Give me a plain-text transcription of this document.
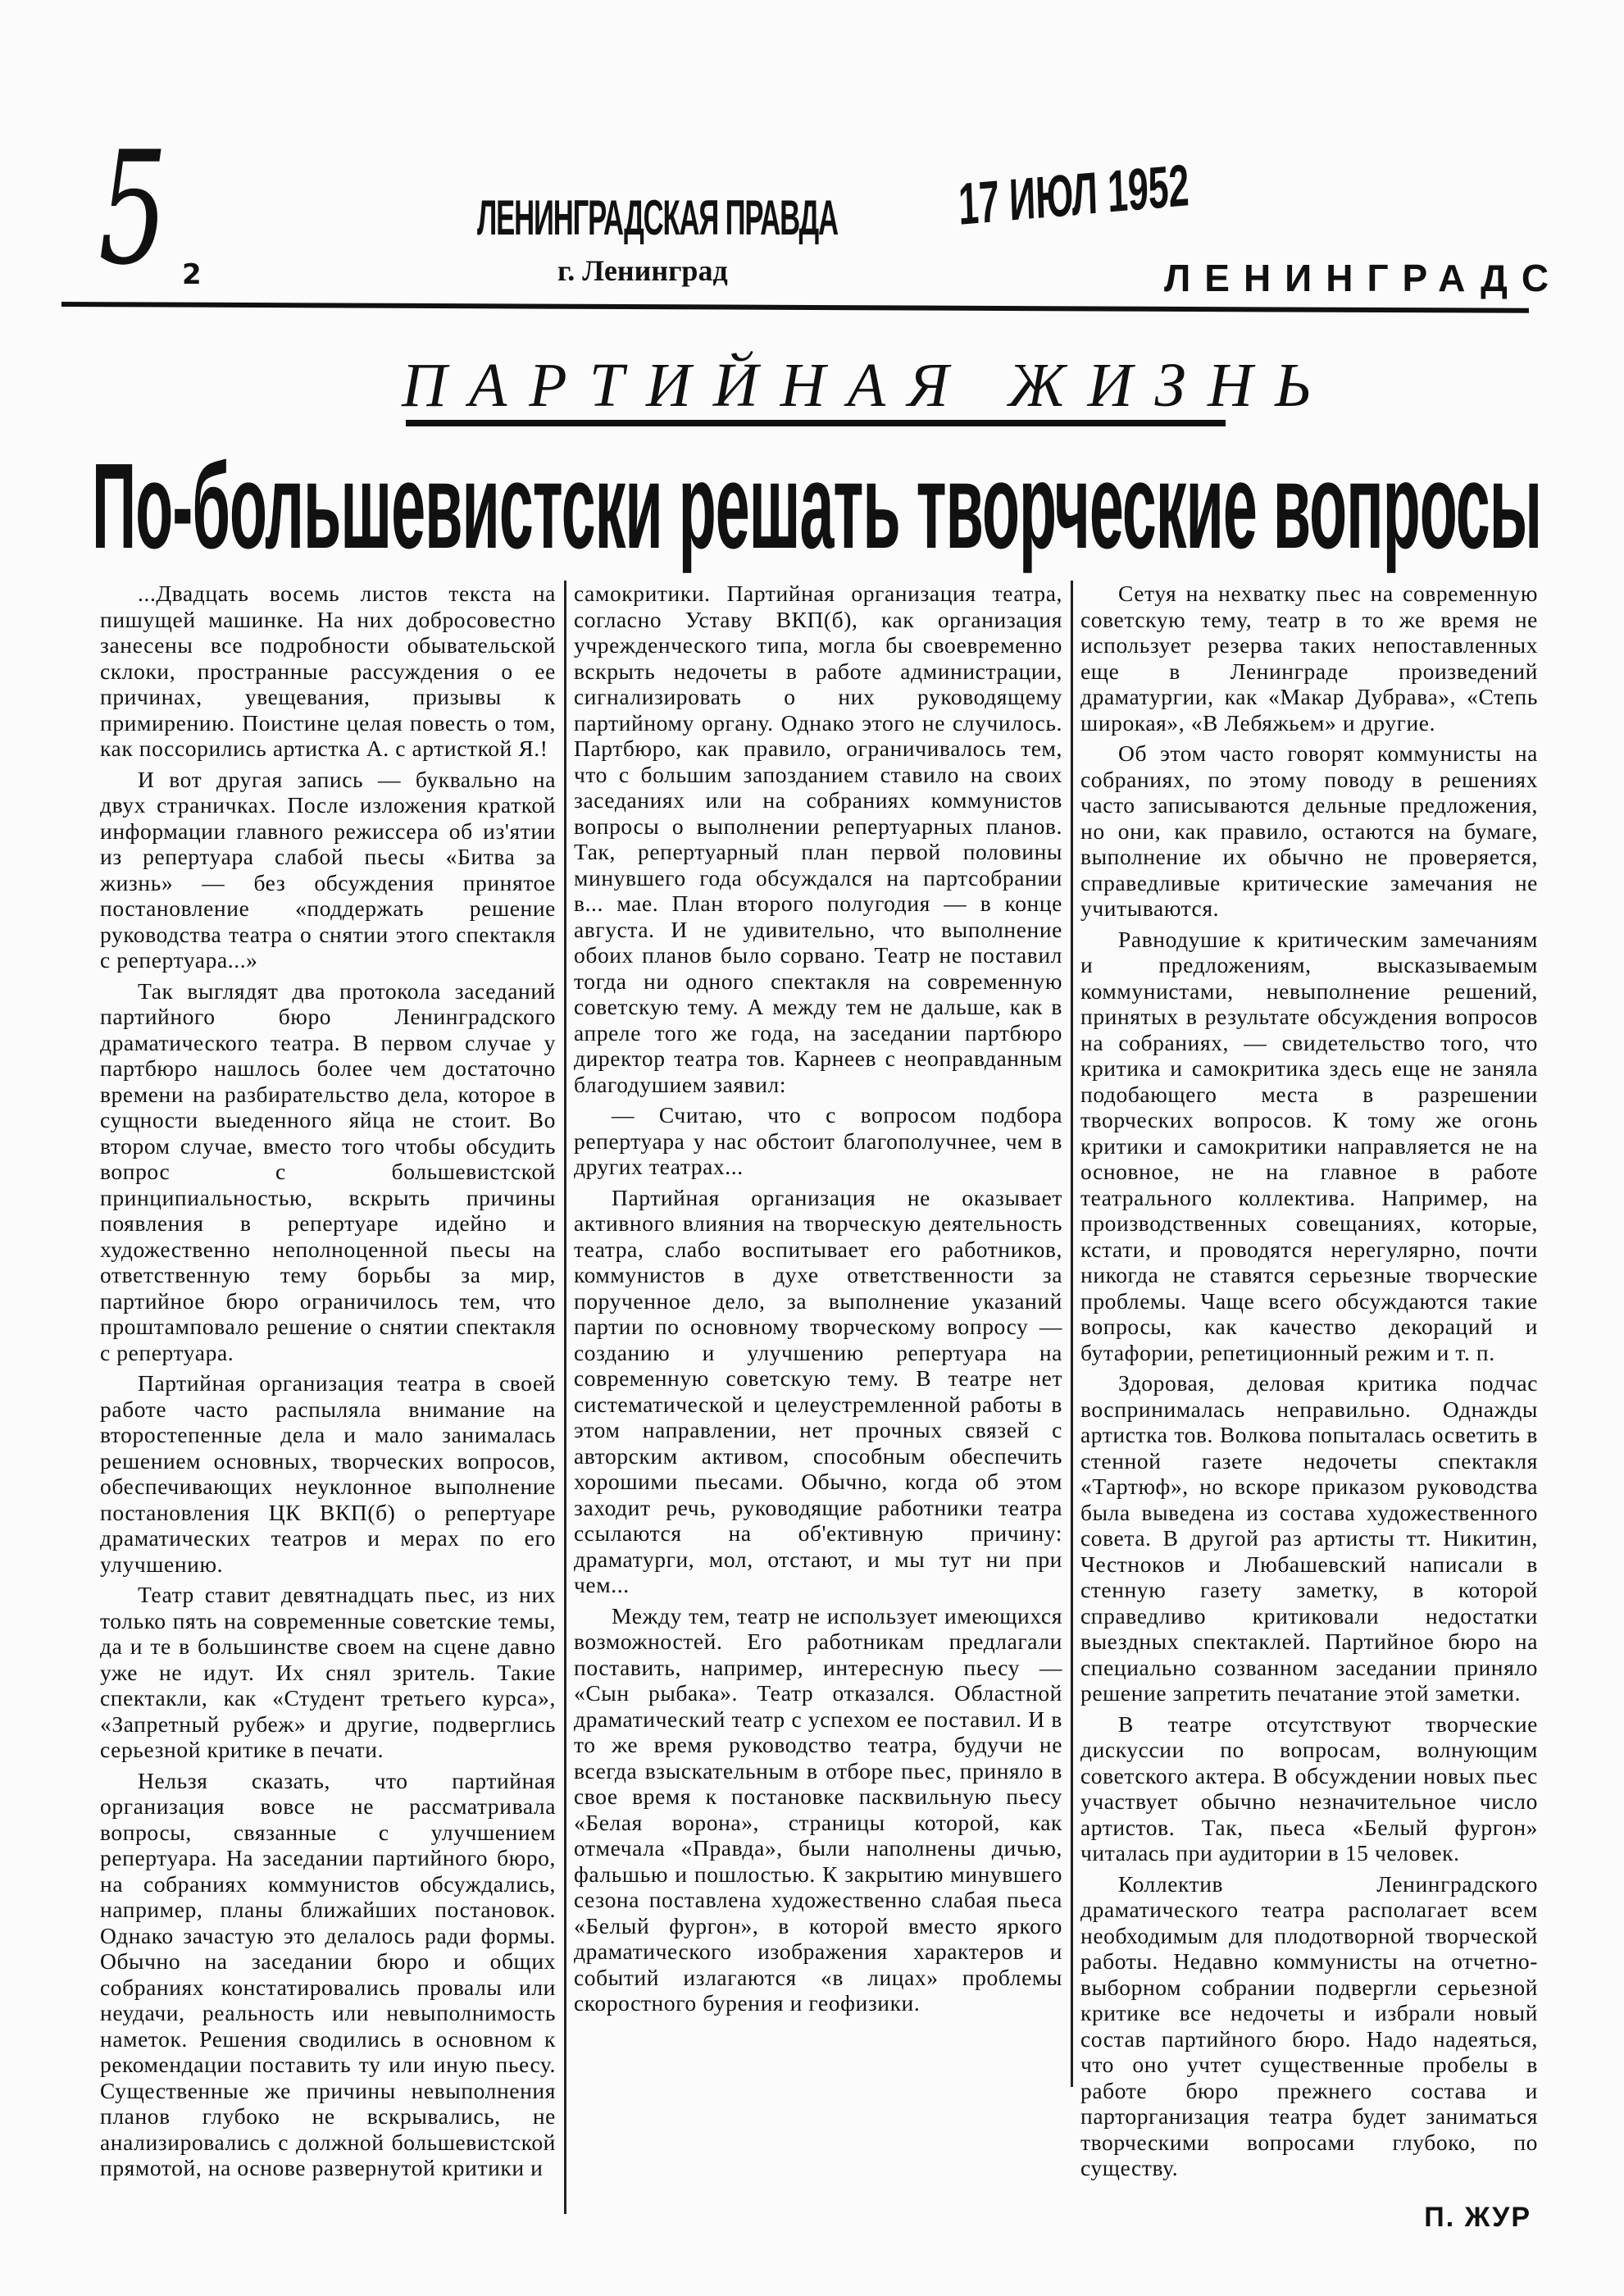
5 2
ЛЕНИНГРАДСКАЯ ПРАВДА
г. Ленинград
17 ИЮЛ 1952
ЛЕНИНГРАДС
ПАРТИЙНАЯ ЖИЗНЬ
По-большевистски решать творческие вопросы

...Двадцать восемь листов текста на пишущей машинке. На них добросовестно занесены все подробности обывательской склоки, пространные рассуждения о ее причинах, увещевания, призывы к примирению. Поистине целая повесть о том, как поссорились артистка А. с артисткой Я.!

И вот другая запись — буквально на двух страничках. После изложения краткой информации главного режиссера об из'ятии из репертуара слабой пьесы «Битва за жизнь» — без обсуждения принятое постановление «поддержать решение руководства театра о снятии этого спектакля с репертуара...»

Так выглядят два протокола заседаний партийного бюро Ленинградского драматического театра. В первом случае у партбюро нашлось более чем достаточно времени на разбирательство дела, которое в сущности выеденного яйца не стоит. Во втором случае, вместо того чтобы обсудить вопрос с большевистской принципиальностью, вскрыть причины появления в репертуаре идейно и художественно неполноценной пьесы на ответственную тему борьбы за мир, партийное бюро ограничилось тем, что проштамповало решение о снятии спектакля с репертуара.

Партийная организация театра в своей работе часто распыляла внимание на второстепенные дела и мало занималась решением основных, творческих вопросов, обеспечивающих неуклонное выполнение постановления ЦК ВКП(б) о репертуаре драматических театров и мерах по его улучшению.

Театр ставит девятнадцать пьес, из них только пять на современные советские темы, да и те в большинстве своем на сцене давно уже не идут. Их снял зритель. Такие спектакли, как «Студент третьего курса», «Запретный рубеж» и другие, подверглись серьезной критике в печати.

Нельзя сказать, что партийная организация вовсе не рассматривала вопросы, связанные с улучшением репертуара. На заседании партийного бюро, на собраниях коммунистов обсуждались, например, планы ближайших постановок. Однако зачастую это делалось ради формы. Обычно на заседании бюро и общих собраниях констатировались провалы или неудачи, реальность или невыполнимость наметок. Решения сводились в основном к рекомендации поставить ту или иную пьесу. Существенные же причины невыполнения планов глубоко не вскрывались, не анализировались с должной большевистской прямотой, на основе развернутой критики и

самокритики. Партийная организация театра, согласно Уставу ВКП(б), как организация учрежденческого типа, могла бы своевременно вскрыть недочеты в работе администрации, сигнализировать о них руководящему партийному органу. Однако этого не случилось. Партбюро, как правило, ограничивалось тем, что с большим запозданием ставило на своих заседаниях или на собраниях коммунистов вопросы о выполнении репертуарных планов. Так, репертуарный план первой половины минувшего года обсуждался на партсобрании в... мае. План второго полугодия — в конце августа. И не удивительно, что выполнение обоих планов было сорвано. Театр не поставил тогда ни одного спектакля на современную советскую тему. А между тем не дальше, как в апреле того же года, на заседании партбюро директор театра тов. Карнеев с неоправданным благодушием заявил:

— Считаю, что с вопросом подбора репертуара у нас обстоит благополучнее, чем в других театрах...

Партийная организация не оказывает активного влияния на творческую деятельность театра, слабо воспитывает его работников, коммунистов в духе ответственности за порученное дело, за выполнение указаний партии по основному творческому вопросу — созданию и улучшению репертуара на современную советскую тему. В театре нет систематической и целеустремленной работы в этом направлении, нет прочных связей с авторским активом, способным обеспечить хорошими пьесами. Обычно, когда об этом заходит речь, руководящие работники театра ссылаются на об'ективную причину: драматурги, мол, отстают, и мы тут ни при чем...

Между тем, театр не использует имеющихся возможностей. Его работникам предлагали поставить, например, интересную пьесу — «Сын рыбака». Театр отказался. Областной драматический театр с успехом ее поставил. И в то же время руководство театра, будучи не всегда взыскательным в отборе пьес, приняло в свое время к постановке пасквильную пьесу «Белая ворона», страницы которой, как отмечала «Правда», были наполнены дичью, фальшью и пошлостью. К закрытию минувшего сезона поставлена художественно слабая пьеса «Белый фургон», в которой вместо яркого драматического изображения характеров и событий излагаются «в лицах» проблемы скоростного бурения и геофизики.

Сетуя на нехватку пьес на современную советскую тему, театр в то же время не использует резерва таких непоставленных еще в Ленинграде произведений драматургии, как «Макар Дубрава», «Степь широкая», «В Лебяжьем» и другие.

Об этом часто говорят коммунисты на собраниях, по этому поводу в решениях часто записываются дельные предложения, но они, как правило, остаются на бумаге, выполнение их обычно не проверяется, справедливые критические замечания не учитываются.

Равнодушие к критическим замечаниям и предложениям, высказываемым коммунистами, невыполнение решений, принятых в результате обсуждения вопросов на собраниях, — свидетельство того, что критика и самокритика здесь еще не заняла подобающего места в разрешении творческих вопросов. К тому же огонь критики и самокритики направляется не на основное, не на главное в работе театрального коллектива. Например, на производственных совещаниях, которые, кстати, и проводятся нерегулярно, почти никогда не ставятся серьезные творческие проблемы. Чаще всего обсуждаются такие вопросы, как качество декораций и бутафории, репетиционный режим и т. п.

Здоровая, деловая критика подчас воспринималась неправильно. Однажды артистка тов. Волкова попыталась осветить в стенной газете недочеты спектакля «Тартюф», но вскоре приказом руководства была выведена из состава художественного совета. В другой раз артисты тт. Никитин, Честноков и Любашевский написали в стенную газету заметку, в которой справедливо критиковали недостатки выездных спектаклей. Партийное бюро на специально созванном заседании приняло решение запретить печатание этой заметки.

В театре отсутствуют творческие дискуссии по вопросам, волнующим советского актера. В обсуждении новых пьес участвует обычно незначительное число артистов. Так, пьеса «Белый фургон» читалась при аудитории в 15 человек.

Коллектив Ленинградского драматического театра располагает всем необходимым для плодотворной творческой работы. Недавно коммунисты на отчетно-выборном собрании подвергли серьезной критике все недочеты и избрали новый состав партийного бюро. Надо надеяться, что оно учтет существенные пробелы в работе бюро прежнего состава и парторганизация театра будет заниматься творческими вопросами глубоко, по существу.

П. ЖУР
